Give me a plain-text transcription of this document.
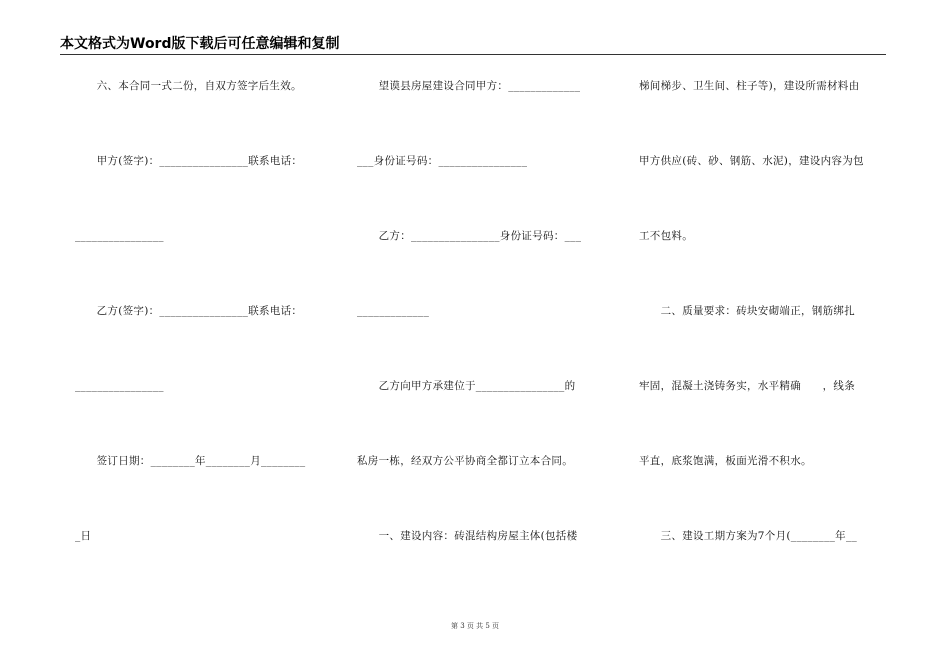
本文格式为Word版下载后可任意编辑和复制
　　六、本合同一式二份，自双方签字后生效。
　　甲方(签字)：________________联系电话：
________________
　　乙方(签字)：________________联系电话：
________________
　　签订日期：________年________月________
_日
　　望谟县房屋建设合同甲方：_____________
___身份证号码：________________
　　乙方：________________身份证号码：___
_____________
　　乙方向甲方承建位于________________的
私房一栋，经双方公平协商全都订立本合同。
　　一、建设内容：砖混结构房屋主体(包括楼
梯间梯步、卫生间、柱子等)，建设所需材料由
甲方供应(砖、砂、钢筋、水泥)，建设内容为包
工不包料。
　　二、质量要求：砖块安砌端正，钢筋绑扎
牢固，混凝土浇铸务实，水平精确　　，线条
平直，底浆饱满，板面光滑不积水。
　　三、建设工期方案为7个月(________年__
第 3 页 共 5 页
